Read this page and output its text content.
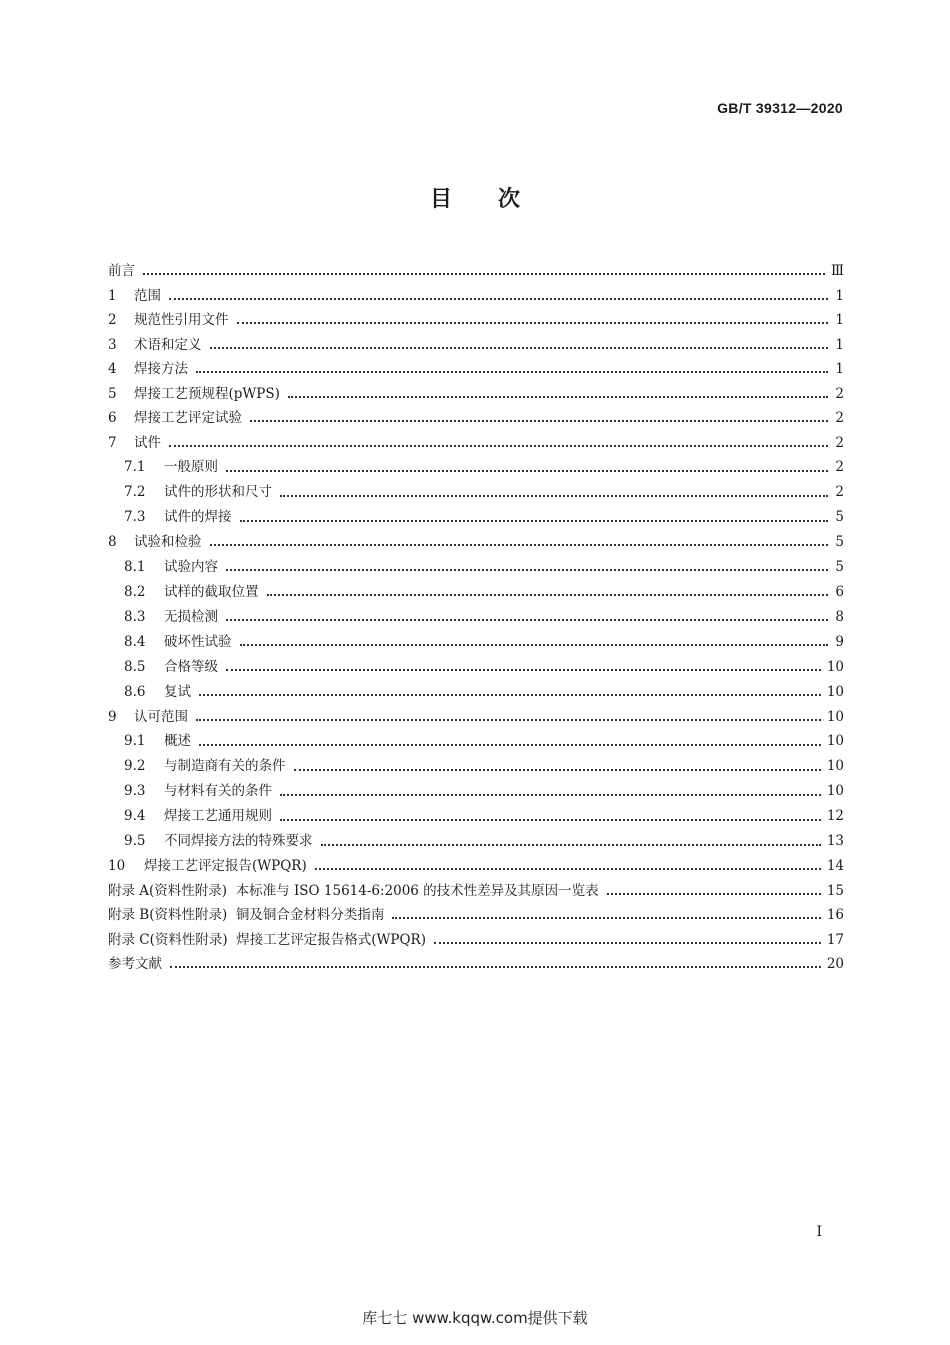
GB/T 39312—2020
目 次
前言	Ⅲ
1 范围	1
2 规范性引用文件	1
3 术语和定义	1
4 焊接方法	1
5 焊接工艺预规程(pWPS)	2
6 焊接工艺评定试验	2
7 试件	2
7.1	一般原则	2
7.2	试件的形状和尺寸	2
7.3	试件的焊接	5
8 试验和检验	5
8.1	试验内容	5
8.2	试样的截取位置	6
8.3	无损检测	8
8.4	破坏性试验	9
8.5	合格等级	10
8.6	复试	10
9 认可范围	10
9.1	概述	10
9.2	与制造商有关的条件	10
9.3	与材料有关的条件	10
9.4	焊接工艺通用规则	12
9.5	不同焊接方法的特殊要求	13
10	焊接工艺评定报告(WPQR)	14
附录 A(资料性附录)  本标准与 ISO 15614-6:2006 的技术性差异及其原因一览表	15
附录 B(资料性附录)  铜及铜合金材料分类指南	16
附录 C(资料性附录)  焊接工艺评定报告格式(WPQR)	17
参考文献	20
Ⅰ
库七七 www.kqqw.com提供下载
